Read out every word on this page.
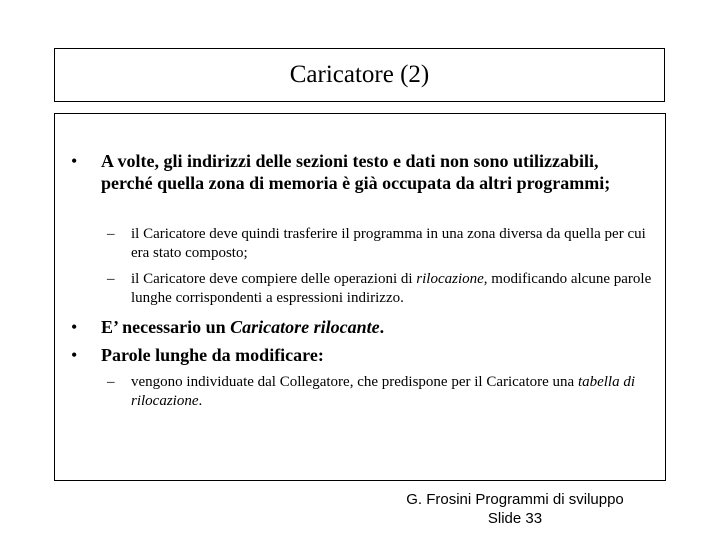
Caricatore (2)
• A volte, gli indirizzi delle sezioni testo e dati non sono utilizzabili, perché quella zona di memoria è già occupata da altri programmi;
– il Caricatore deve quindi trasferire il programma in una zona diversa da quella per cui era stato composto;
– il Caricatore deve compiere delle operazioni di rilocazione, modificando alcune parole lunghe corrispondenti a espressioni indirizzo.
• E’ necessario un Caricatore rilocante.
• Parole lunghe da modificare:
– vengono individuate dal Collegatore, che predispone per il Caricatore una tabella di rilocazione.
G. Frosini Programmi di sviluppo
Slide 33
